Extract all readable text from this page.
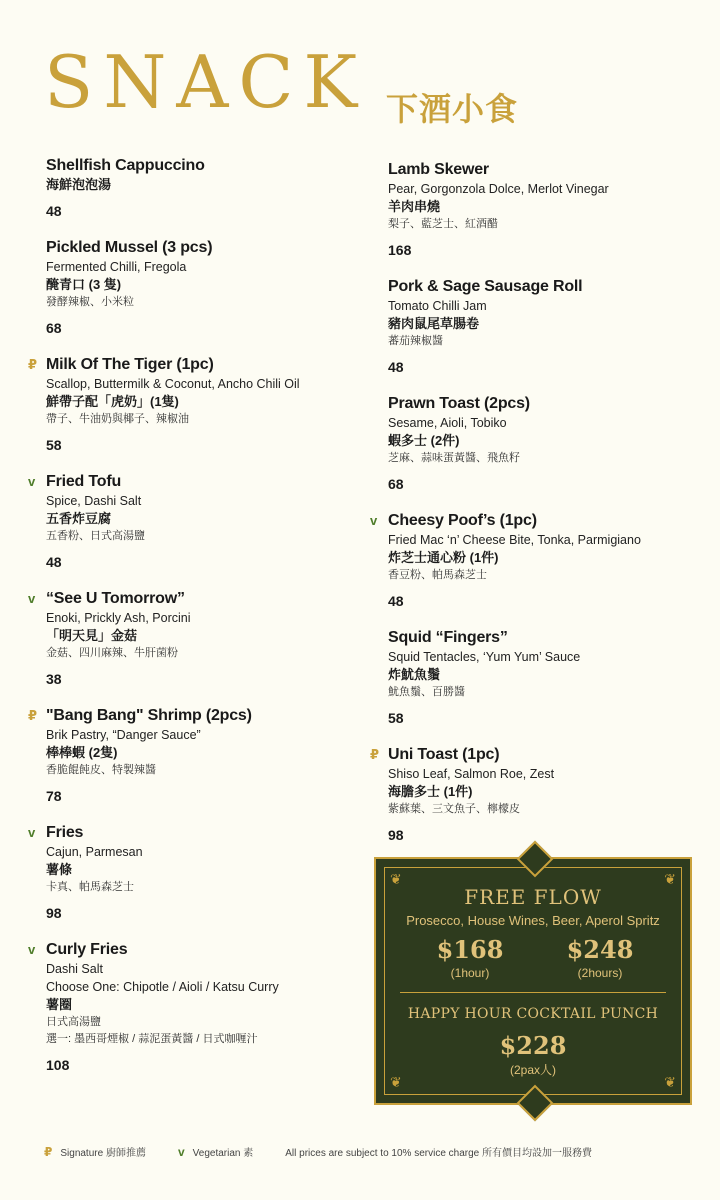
SNACK 下酒小食
Shellfish Cappuccino
海鮮泡泡湯
48
Pickled Mussel (3 pcs)
Fermented Chilli, Fregola
醃青口 (3 隻)
發酵辣椒、小米粒
68
₽ Milk Of The Tiger (1pc)
Scallop, Buttermilk & Coconut, Ancho Chili Oil
鮮帶子配「虎奶」(1隻)
帶子、牛油奶與椰子、辣椒油
58
v Fried Tofu
Spice, Dashi Salt
五香炸豆腐
五香粉、日式高湯鹽
48
v “See U Tomorrow”
Enoki, Prickly Ash, Porcini
「明天見」金菇
金菇、四川麻辣、牛肝菌粉
38
₽ "Bang Bang" Shrimp (2pcs)
Brik Pastry, “Danger Sauce”
棒棒蝦 (2隻)
香脆餛飩皮、特製辣醬
78
v Fries
Cajun, Parmesan
薯條
卡真、帕馬森芝士
98
v Curly Fries
Dashi Salt
Choose One: Chipotle / Aioli / Katsu Curry
薯圈
日式高湯鹽
選一: 墨西哥煙椒 / 蒜泥蛋黃醬 / 日式咖喱汁
108
Lamb Skewer
Pear, Gorgonzola Dolce, Merlot Vinegar
羊肉串燒
梨子、藍芝士、紅酒醋
168
Pork & Sage Sausage Roll
Tomato Chilli Jam
豬肉鼠尾草腸卷
蕃茄辣椒醬
48
Prawn Toast (2pcs)
Sesame, Aioli, Tobiko
蝦多士 (2件)
芝麻、蒜味蛋黃醬、飛魚籽
68
v Cheesy Poof’s (1pc)
Fried Mac ‘n’ Cheese Bite, Tonka, Parmigiano
炸芝士通心粉 (1件)
香豆粉、帕馬森芝士
48
Squid “Fingers”
Squid Tentacles, ‘Yum Yum’ Sauce
炸魷魚鬚
魷魚鬚、百勝醬
58
₽ Uni Toast (1pc)
Shiso Leaf, Salmon Roe, Zest
海膽多士 (1件)
紫蘇葉、三文魚子、檸檬皮
98
❦	❦
❦	❦
FREE FLOW
Prosecco, House Wines, Beer, Aperol Spritz
$168
(1hour)
$248
(2hours)
HAPPY HOUR COCKTAIL PUNCH
$228
(2pax人)
₽ Signature 廚師推薦	v Vegetarian 素	All prices are subject to 10% service charge 所有價目均設加一服務費
